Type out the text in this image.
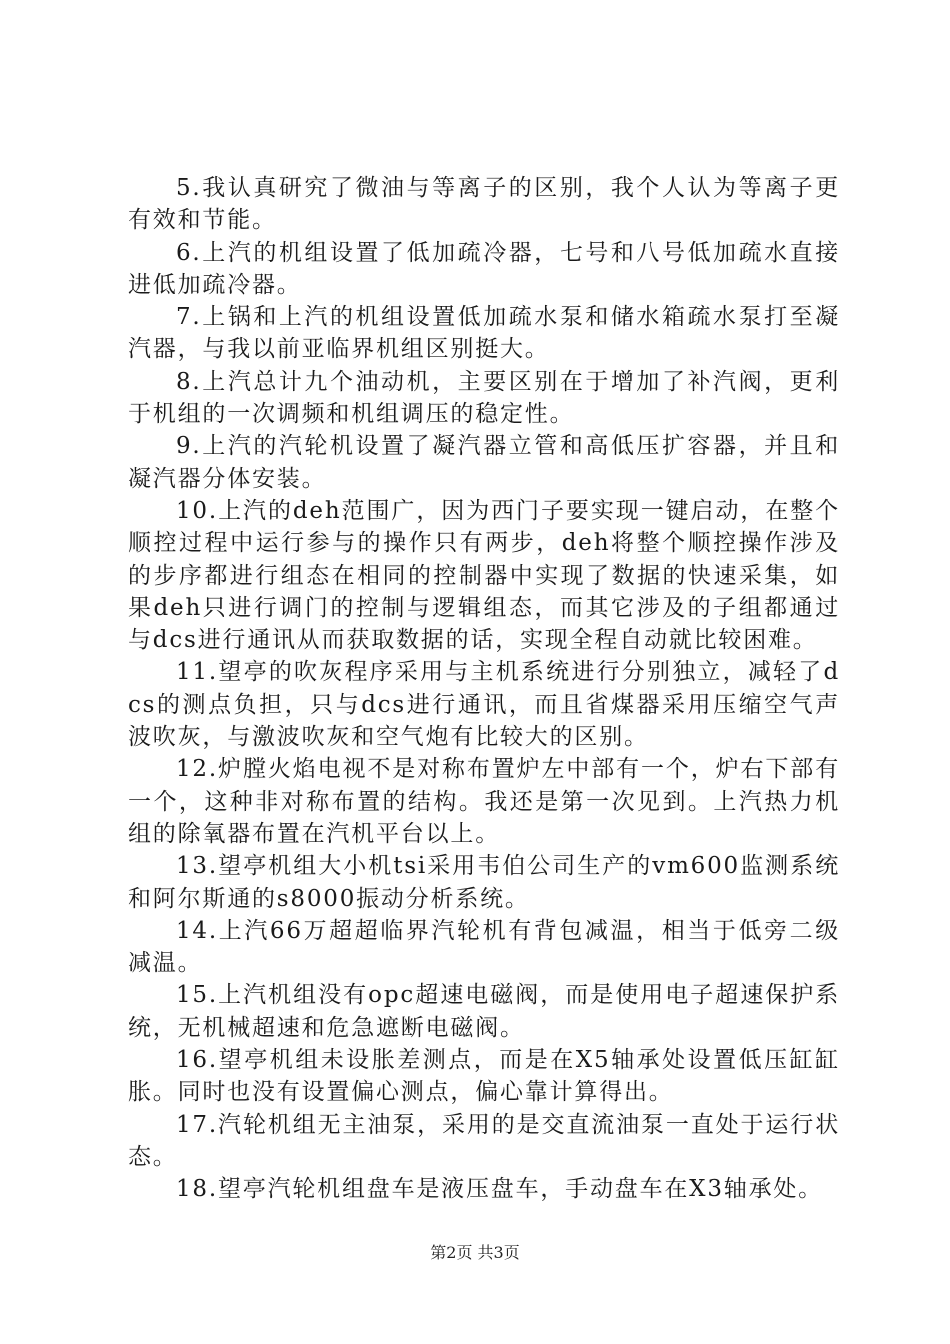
5.我认真研究了微油与等离子的区别，我个人认为等离子更有效和节能。

6.上汽的机组设置了低加疏冷器，七号和八号低加疏水直接进低加疏冷器。

7.上锅和上汽的机组设置低加疏水泵和储水箱疏水泵打至凝汽器，与我以前亚临界机组区别挺大。

8.上汽总计九个油动机，主要区别在于增加了补汽阀，更利于机组的一次调频和机组调压的稳定性。

9.上汽的汽轮机设置了凝汽器立管和高低压扩容器，并且和凝汽器分体安装。

10.上汽的deh范围广，因为西门子要实现一键启动，在整个顺控过程中运行参与的操作只有两步，deh将整个顺控操作涉及的步序都进行组态在相同的控制器中实现了数据的快速采集，如果deh只进行调门的控制与逻辑组态，而其它涉及的子组都通过与dcs进行通讯从而获取数据的话，实现全程自动就比较困难。

11.望亭的吹灰程序采用与主机系统进行分别独立，减轻了dcs的测点负担，只与dcs进行通讯，而且省煤器采用压缩空气声波吹灰，与激波吹灰和空气炮有比较大的区别。

12.炉膛火焰电视不是对称布置炉左中部有一个，炉右下部有一个，这种非对称布置的结构。我还是第一次见到。上汽热力机组的除氧器布置在汽机平台以上。

13.望亭机组大小机tsi采用韦伯公司生产的vm600监测系统和阿尔斯通的s8000振动分析系统。

14.上汽66万超超临界汽轮机有背包减温，相当于低旁二级减温。

15.上汽机组没有opc超速电磁阀，而是使用电子超速保护系统，无机械超速和危急遮断电磁阀。

16.望亭机组未设胀差测点，而是在X5轴承处设置低压缸缸胀。同时也没有设置偏心测点，偏心靠计算得出。

17.汽轮机组无主油泵，采用的是交直流油泵一直处于运行状态。

18.望亭汽轮机组盘车是液压盘车，手动盘车在X3轴承处。

第2页 共3页
